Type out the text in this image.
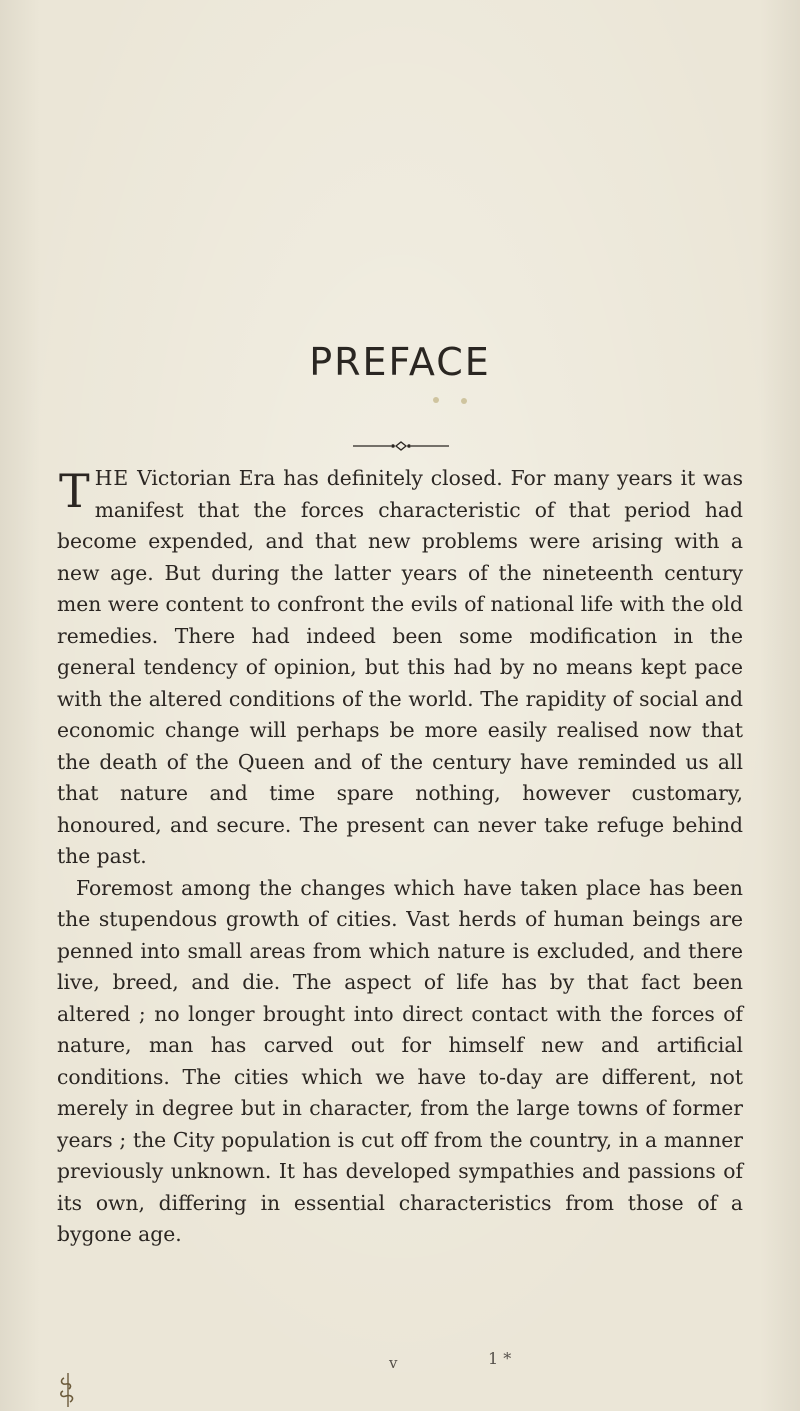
PREFACE

THE Victorian Era has definitely closed. For many years it was manifest that the forces characteristic of that period had become expended, and that new problems were arising with a new age. But during the latter years of the nineteenth century men were content to confront the evils of national life with the old remedies. There had indeed been some modification in the general tendency of opinion, but this had by no means kept pace with the altered conditions of the world. The rapidity of social and economic change will perhaps be more easily realised now that the death of the Queen and of the century have reminded us all that nature and time spare nothing, however customary, honoured, and secure. The present can never take refuge behind the past.

Foremost among the changes which have taken place has been the stupendous growth of cities. Vast herds of human beings are penned into small areas from which nature is excluded, and there live, breed, and die. The aspect of life has by that fact been altered ; no longer brought into direct contact with the forces of nature, man has carved out for himself new and artificial conditions. The cities which we have to-day are different, not merely in degree but in character, from the large towns of former years ; the City population is cut off from the country, in a manner previously unknown. It has developed sympathies and passions of its own, differing in essential characteristics from those of a bygone age.

v	1 *
